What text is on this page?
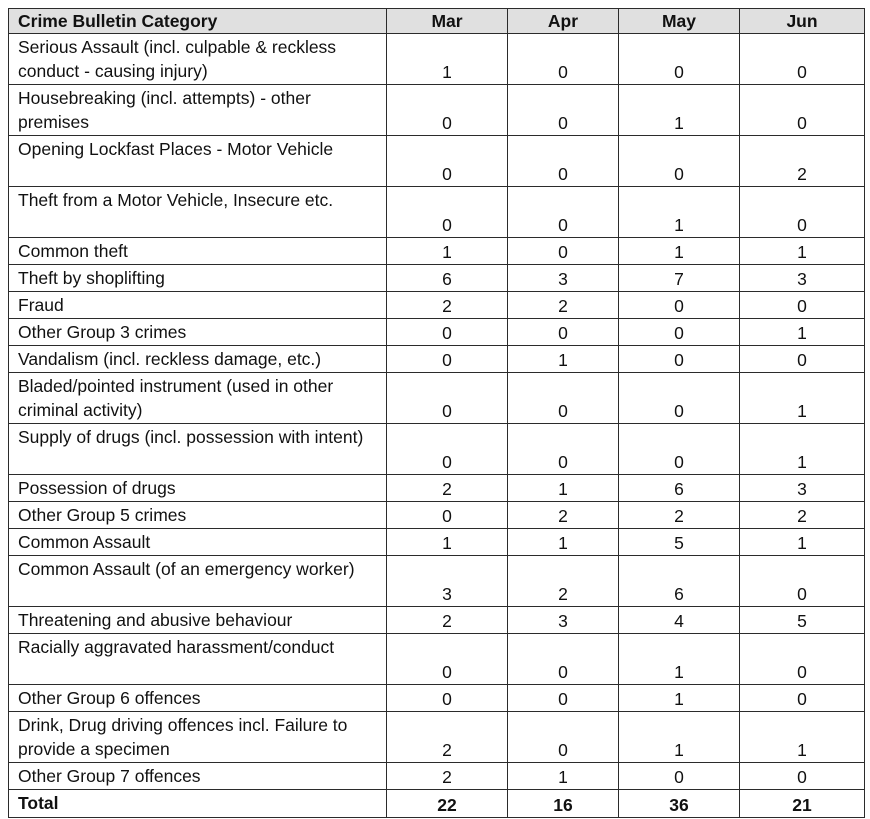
Crime Bulletin Category	Mar	Apr	May	Jun
Serious Assault (incl. culpable & reckless conduct - causing injury)	1	0	0	0
Housebreaking (incl. attempts) - other premises	0	0	1	0
Opening Lockfast Places - Motor Vehicle	0	0	0	2
Theft from a Motor Vehicle, Insecure etc.	0	0	1	0
Common theft	1	0	1	1
Theft by shoplifting	6	3	7	3
Fraud	2	2	0	0
Other Group 3 crimes	0	0	0	1
Vandalism (incl. reckless damage, etc.)	0	1	0	0
Bladed/pointed instrument (used in other criminal activity)	0	0	0	1
Supply of drugs (incl. possession with intent)	0	0	0	1
Possession of drugs	2	1	6	3
Other Group 5 crimes	0	2	2	2
Common Assault	1	1	5	1
Common Assault (of an emergency worker)	3	2	6	0
Threatening and abusive behaviour	2	3	4	5
Racially aggravated harassment/conduct	0	0	1	0
Other Group 6 offences	0	0	1	0
Drink, Drug driving offences incl. Failure to provide a specimen	2	0	1	1
Other Group 7 offences	2	1	0	0
Total	22	16	36	21
